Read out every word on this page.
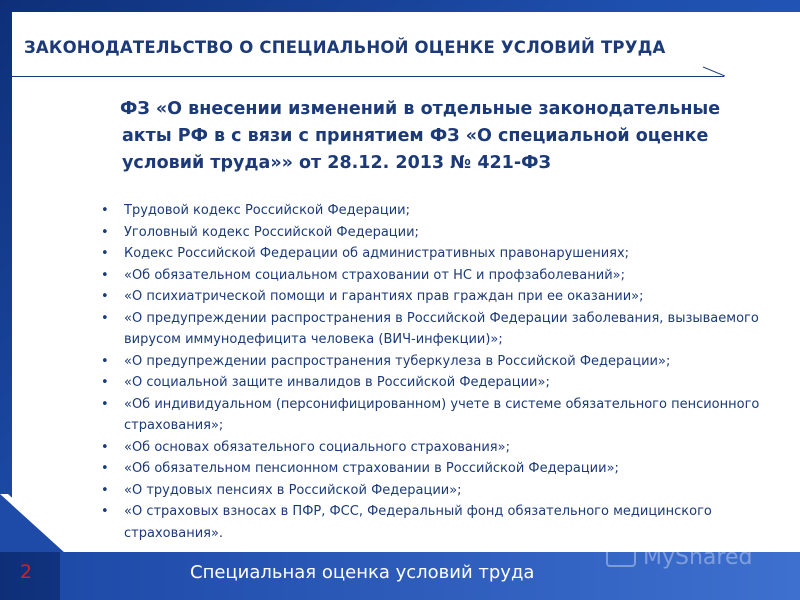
ЗАКОНОДАТЕЛЬСТВО О СПЕЦИАЛЬНОЙ ОЦЕНКЕ УСЛОВИЙ ТРУДА

ФЗ «О внесении изменений в отдельные законодательные
акты РФ в с вязи с принятием ФЗ «О специальной оценке
условий труда»» от 28.12. 2013 № 421-ФЗ

• Трудовой кодекс Российской Федерации;
• Уголовный кодекс Российской Федерации;
• Кодекс Российской Федерации об административных правонарушениях;
• «Об обязательном социальном страховании от НС и профзаболеваний»;
• «О психиатрической помощи и гарантиях прав граждан при ее оказании»;
• «О предупреждении распространения в Российской Федерации заболевания, вызываемого вирусом иммунодефицита человека (ВИЧ-инфекции)»;
• «О предупреждении распространения туберкулеза в Российской Федерации»;
• «О социальной защите инвалидов в Российской Федерации»;
• «Об индивидуальном (персонифицированном) учете в системе обязательного пенсионного страхования»;
• «Об основах обязательного социального страхования»;
• «Об обязательном пенсионном страховании в Российской Федерации»;
• «О трудовых пенсиях в Российской Федерации»;
• «О страховых взносах в ПФР, ФСС, Федеральный фонд обязательного медицинского страхования».
MyShared

2	Специальная оценка условий труда
